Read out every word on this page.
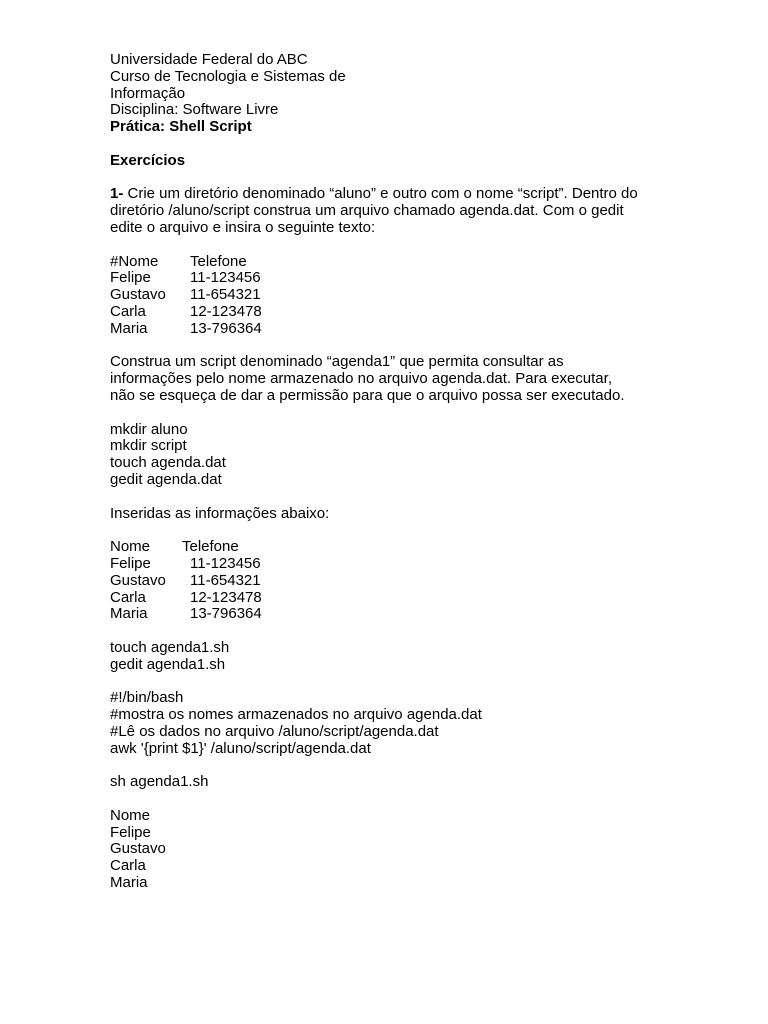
Universidade Federal do ABC
Curso de Tecnologia e Sistemas de
Informação
Disciplina: Software Livre
Prática: Shell Script
Exercícios
1- Crie um diretório denominado “aluno” e outro com o nome “script”. Dentro do
diretório /aluno/script construa um arquivo chamado agenda.dat. Com o gedit
edite o arquivo e insira o seguinte texto:
#Nome	Telefone
Felipe	11-123456
Gustavo	11-654321
Carla	12-123478
Maria	13-796364
Construa um script denominado “agenda1” que permita consultar as
informações pelo nome armazenado no arquivo agenda.dat. Para executar,
não se esqueça de dar a permissão para que o arquivo possa ser executado.
mkdir aluno
mkdir script
touch agenda.dat
gedit agenda.dat
Inseridas as informações abaixo:
Nome	Telefone
Felipe	11-123456
Gustavo	11-654321
Carla	12-123478
Maria	13-796364
touch agenda1.sh
gedit agenda1.sh
#!/bin/bash
#mostra os nomes armazenados no arquivo agenda.dat
#Lê os dados no arquivo /aluno/script/agenda.dat
awk '{print $1}' /aluno/script/agenda.dat
sh agenda1.sh
Nome
Felipe
Gustavo
Carla
Maria
